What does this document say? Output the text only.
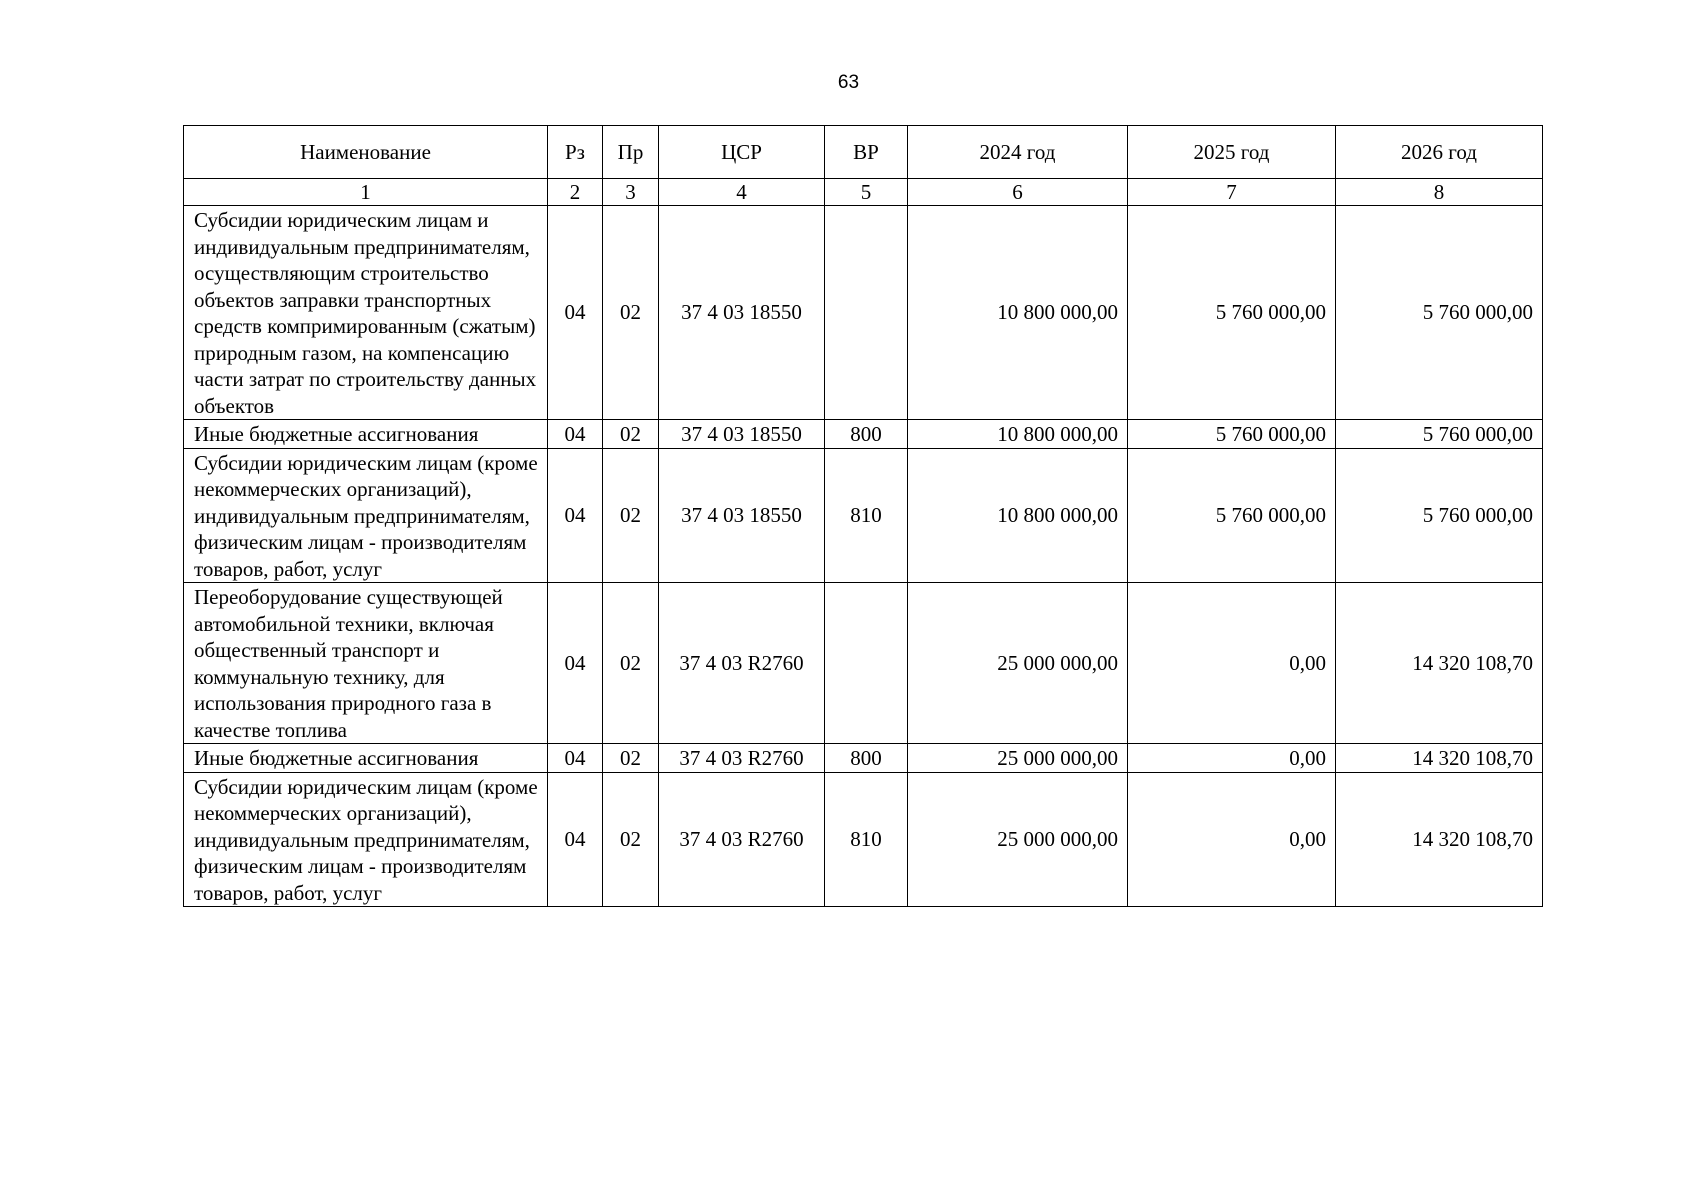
63
Наименование	Рз	Пр	ЦСР	ВР	2024 год	2025 год	2026 год
1	2	3	4	5	6	7	8
Субсидии юридическим лицам и индивидуальным предпринимателям, осуществляющим строительство объектов заправки транспортных средств компримированным (сжатым) природным газом, на компенсацию части затрат по строительству данных объектов	04	02	37 4 03 18550		10 800 000,00	5 760 000,00	5 760 000,00
Иные бюджетные ассигнования	04	02	37 4 03 18550	800	10 800 000,00	5 760 000,00	5 760 000,00
Субсидии юридическим лицам (кроме некоммерческих организаций), индивидуальным предпринимателям, физическим лицам - производителям товаров, работ, услуг	04	02	37 4 03 18550	810	10 800 000,00	5 760 000,00	5 760 000,00
Переоборудование существующей автомобильной техники, включая общественный транспорт и коммунальную технику, для использования природного газа в качестве топлива	04	02	37 4 03 R2760		25 000 000,00	0,00	14 320 108,70
Иные бюджетные ассигнования	04	02	37 4 03 R2760	800	25 000 000,00	0,00	14 320 108,70
Субсидии юридическим лицам (кроме некоммерческих организаций), индивидуальным предпринимателям, физическим лицам - производителям товаров, работ, услуг	04	02	37 4 03 R2760	810	25 000 000,00	0,00	14 320 108,70
